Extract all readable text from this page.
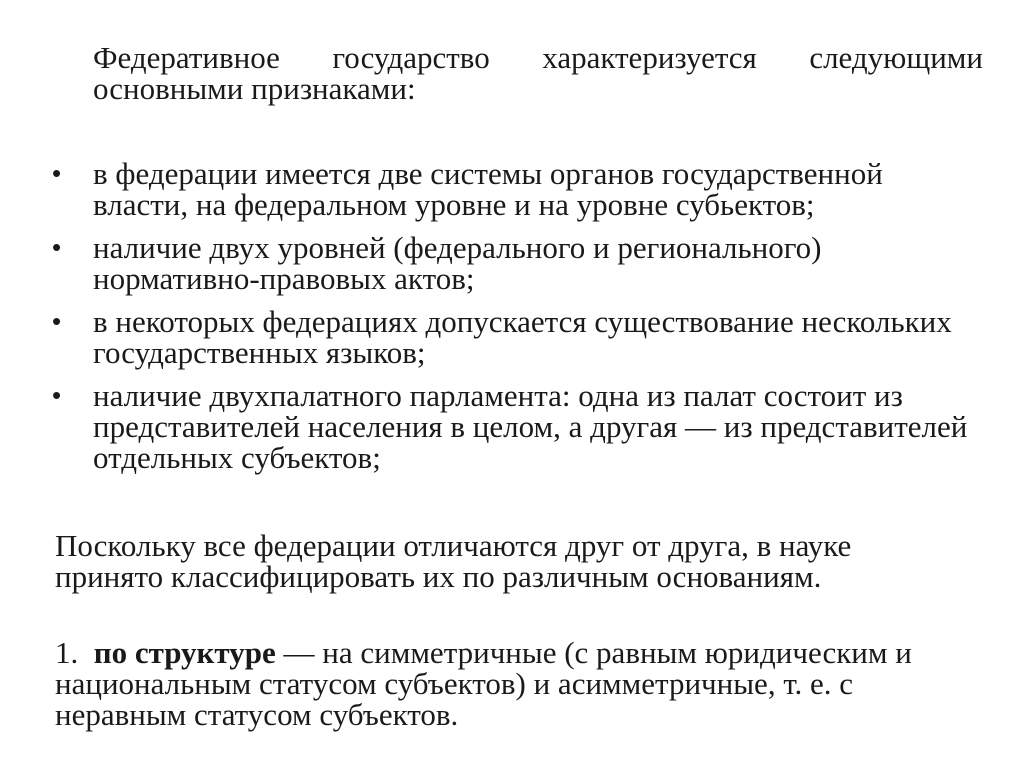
Федеративное государство характеризуется следующими основными признаками:
• в федерации имеется две системы органов государственной власти, на федеральном уровне и на уровне субьектов;
• наличие двух уровней (федерального и регионального) нормативно-правовых актов;
• в некоторых федерациях допускается существование нескольких государственных языков;
• наличие двухпалатного парламента: одна из палат состоит из представителей населения в целом, а другая — из представителей отдельных субъектов;
Поскольку все федерации отличаются друг от друга, в науке принято классифицировать их по различным основаниям.
1. по структуре — на симметричные (с равным юридическим и национальным статусом субъектов) и асимметричные, т. е. с неравным статусом субъектов.
